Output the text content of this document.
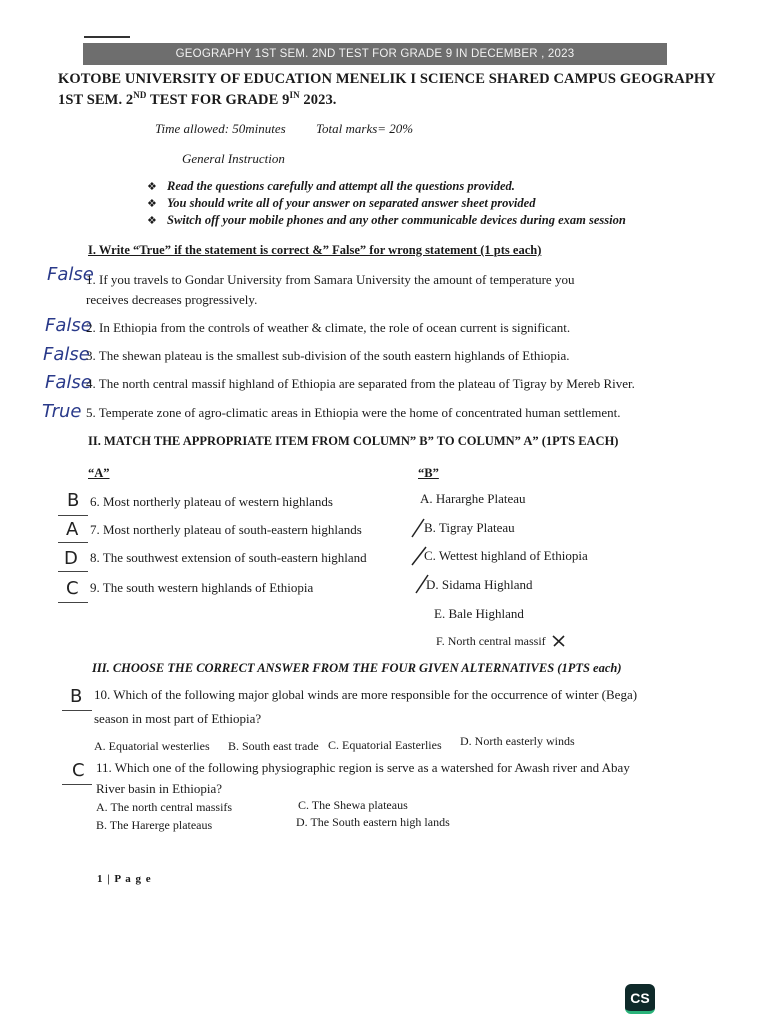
GEOGRAPHY 1ST SEM. 2ND TEST FOR GRADE 9 IN DECEMBER , 2023
KOTOBE UNIVERSITY OF EDUCATION MENELIK I SCIENCE SHARED CAMPUS GEOGRAPHY
1ST SEM. 2ND TEST FOR GRADE $9^{IN}$ 2023.
Time allowed: 50minutes Total marks= 20%
General Instruction
❖ Read the questions carefully and attempt all the questions provided.
❖ You should write all of your answer on separated answer sheet provided
❖ Switch off your mobile phones and any other communicable devices during exam session
I. Write “True” if the statement is correct &” False” for wrong statement (1 pts each)
False
1. If you travels to Gondar University from Samara University the amount of temperature you
receives decreases progressively.
False
2. In Ethiopia from the controls of weather & climate, the role of ocean current is significant.
False
3. The shewan plateau is the smallest sub-division of the south eastern highlands of Ethiopia.
False
4. The north central massif highland of Ethiopia are separated from the plateau of Tigray by Mereb River.
True 5. Temperate zone of agro-climatic areas in Ethiopia were the home of concentrated human settlement.
II. MATCH THE APPROPRIATE ITEM FROM COLUMN” B” TO COLUMN” A” (1PTS EACH)
“A”	“B”
B 6. Most northerly plateau of western highlands
A 7. Most northerly plateau of south-eastern highlands
D 8. The southwest extension of south-eastern highland
C 9. The south western highlands of Ethiopia
A. Hararghe Plateau
B. Tigray Plateau
C. Wettest highland of Ethiopia
D. Sidama Highland
E. Bale Highland
F. North central massif
III. CHOOSE THE CORRECT ANSWER FROM THE FOUR GIVEN ALTERNATIVES (1PTS each)
B 10. Which of the following major global winds are more responsible for the occurrence of winter (Bega)
season in most part of Ethiopia?
A. Equatorial westerlies B. South east trade C. Equatorial Easterlies D. North easterly winds
C 11. Which one of the following physiographic region is serve as a watershed for Awash river and Abay
River basin in Ethiopia?
A. The north central massifs	C. The Shewa plateaus
B. The Harerge plateaus	D. The South eastern high lands
1 | P a g e
CS
